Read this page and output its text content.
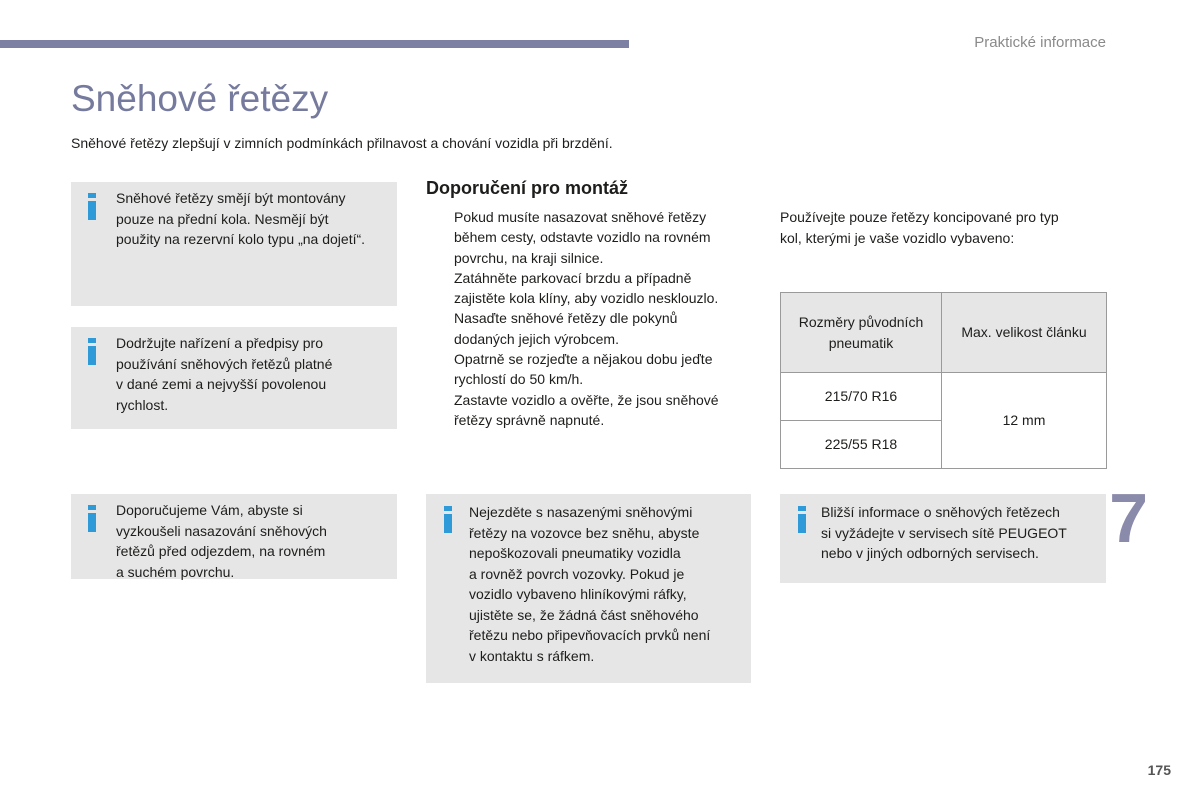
Praktické informace
Sněhové řetězy
Sněhové řetězy zlepšují v zimních podmínkách přilnavost a chování vozidla při brzdění.
Sněhové řetězy smějí být montovány
pouze na přední kola. Nesmějí být
použity na rezervní kolo typu „na dojetí“.
Dodržujte nařízení a předpisy pro
používání sněhových řetězů platné
v dané zemi a nejvyšší povolenou
rychlost.
Doporučujeme Vám, abyste si
vyzkoušeli nasazování sněhových
řetězů před odjezdem, na rovném
a suchém povrchu.
Nejezděte s nasazenými sněhovými
řetězy na vozovce bez sněhu, abyste
nepoškozovali pneumatiky vozidla
a rovněž povrch vozovky. Pokud je
vozidlo vybaveno hliníkovými ráfky,
ujistěte se, že žádná část sněhového
řetězu nebo připevňovacích prvků není
v kontaktu s ráfkem.
Bližší informace o sněhových řetězech
si vyžádejte v servisech sítě PEUGEOT
nebo v jiných odborných servisech.
Doporučení pro montáž
Pokud musíte nasazovat sněhové řetězy
během cesty, odstavte vozidlo na rovném
povrchu, na kraji silnice.
Zatáhněte parkovací brzdu a případně
zajistěte kola klíny, aby vozidlo nesklouzlo.
Nasaďte sněhové řetězy dle pokynů
dodaných jejich výrobcem.
Opatrně se rozjeďte a nějakou dobu jeďte
rychlostí do 50 km/h.
Zastavte vozidlo a ověřte, že jsou sněhové
řetězy správně napnuté.
Používejte pouze řetězy koncipované pro typ
kol, kterými je vaše vozidlo vybaveno:
Rozměry původních
pneumatik	Max. velikost článku

215/70 R16	12 mm
225/55 R18	
7
175
